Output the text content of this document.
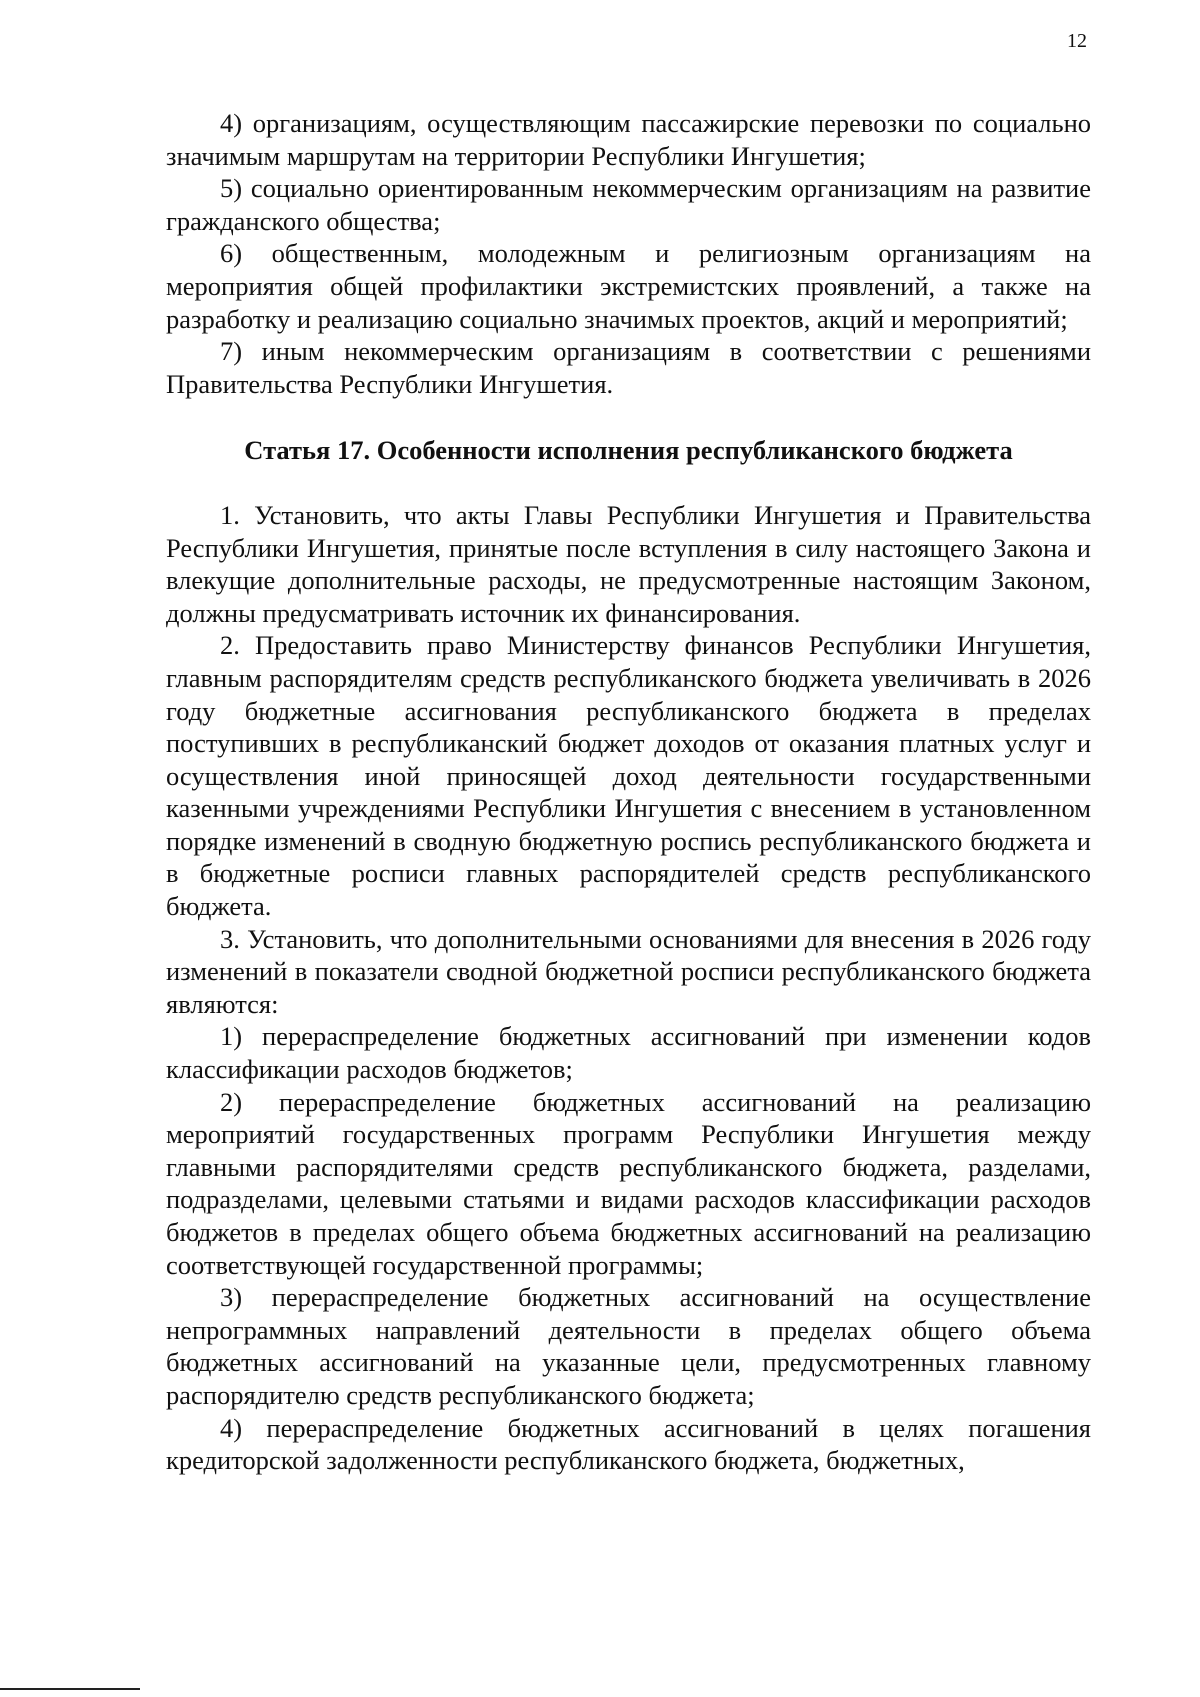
12

4) организациям, осуществляющим пассажирские перевозки по социально значимым маршрутам на территории Республики Ингушетия;

5) социально ориентированным некоммерческим организациям на развитие гражданского общества;

6) общественным, молодежным и религиозным организациям на мероприятия общей профилактики экстремистских проявлений, а также на разработку и реализацию социально значимых проектов, акций и мероприятий;

7) иным некоммерческим организациям в соответствии с решениями Правительства Республики Ингушетия.

Статья 17. Особенности исполнения республиканского бюджета

1. Установить, что акты Главы Республики Ингушетия и Правительства Республики Ингушетия, принятые после вступления в силу настоящего Закона и влекущие дополнительные расходы, не предусмотренные настоящим Законом, должны предусматривать источник их финансирования.

2. Предоставить право Министерству финансов Республики Ингушетия, главным распорядителям средств республиканского бюджета увеличивать в 2026 году бюджетные ассигнования республиканского бюджета в пределах поступивших в республиканский бюджет доходов от оказания платных услуг и осуществления иной приносящей доход деятельности государственными казенными учреждениями Республики Ингушетия с внесением в установленном порядке изменений в сводную бюджетную роспись республиканского бюджета и в бюджетные росписи главных распорядителей средств республиканского бюджета.

3. Установить, что дополнительными основаниями для внесения в 2026 году изменений в показатели сводной бюджетной росписи республиканского бюджета являются:

1) перераспределение бюджетных ассигнований при изменении кодов классификации расходов бюджетов;

2) перераспределение бюджетных ассигнований на реализацию мероприятий государственных программ Республики Ингушетия между главными распорядителями средств республиканского бюджета, разделами, подразделами, целевыми статьями и видами расходов классификации расходов бюджетов в пределах общего объема бюджетных ассигнований на реализацию соответствующей государственной программы;

3) перераспределение бюджетных ассигнований на осуществление непрограммных направлений деятельности в пределах общего объема бюджетных ассигнований на указанные цели, предусмотренных главному распорядителю средств республиканского бюджета;

4) перераспределение бюджетных ассигнований в целях погашения кредиторской задолженности республиканского бюджета, бюджетных,
